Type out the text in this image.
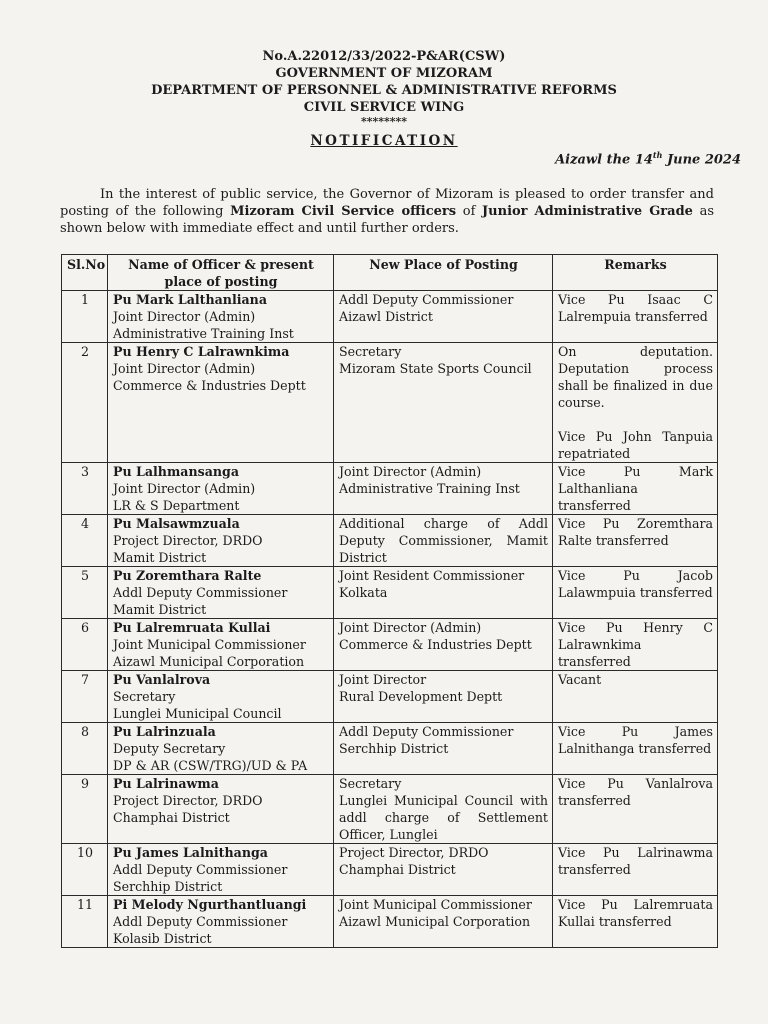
No.A.22012/33/2022-P&AR(CSW)
GOVERNMENT OF MIZORAM
DEPARTMENT OF PERSONNEL & ADMINISTRATIVE REFORMS
CIVIL SERVICE WING
********
NOTIFICATION
Aizawl the 14th June 2024
In the interest of public service, the Governor of Mizoram is pleased to order transfer and posting of the following Mizoram Civil Service officers of Junior Administrative Grade as shown below with immediate effect and until further orders.
Sl.No	Name of Officer & present place of posting	New Place of Posting	Remarks
1	Pu Mark Lalthanliana
Joint Director (Admin)
Administrative Training Inst	Addl Deputy Commissioner
Aizawl District	Vice Pu Isaac C Lalrempuia transferred

2	Pu Henry C Lalrawnkima
Joint Director (Admin)
Commerce & Industries Deptt	Secretary
Mizoram State Sports Council	On deputation. Deputation process shall be finalized in due course.
Vice Pu John Tanpuia repatriated

3	Pu Lalhmansanga
Joint Director (Admin)
LR & S Department	Joint Director (Admin)
Administrative Training Inst	Vice Pu Mark Lalthanliana transferred

4	Pu Malsawmzuala
Project Director, DRDO
Mamit District	Additional charge of Addl Deputy Commissioner, Mamit District	Vice Pu Zoremthara Ralte transferred

5	Pu Zoremthara Ralte
Addl Deputy Commissioner
Mamit District	Joint Resident Commissioner
Kolkata	Vice Pu Jacob Lalawmpuia transferred

6	Pu Lalremruata Kullai
Joint Municipal Commissioner
Aizawl Municipal Corporation	Joint Director (Admin)
Commerce & Industries Deptt	Vice Pu Henry C Lalrawnkima transferred

7	Pu Vanlalrova
Secretary
Lunglei Municipal Council	Joint Director
Rural Development Deptt	Vacant

8	Pu Lalrinzuala
Deputy Secretary
DP & AR (CSW/TRG)/UD & PA	Addl Deputy Commissioner
Serchhip District	Vice Pu James Lalnithanga transferred

9	Pu Lalrinawma
Project Director, DRDO
Champhai District	Secretary
Lunglei Municipal Council with addl charge of Settlement Officer, Lunglei	Vice Pu Vanlalrova transferred

10	Pu James Lalnithanga
Addl Deputy Commissioner
Serchhip District	Project Director, DRDO
Champhai District	Vice Pu Lalrinawma transferred

11	Pi Melody Ngurthantluangi
Addl Deputy Commissioner
Kolasib District	Joint Municipal Commissioner
Aizawl Municipal Corporation	Vice Pu Lalremruata Kullai transferred
